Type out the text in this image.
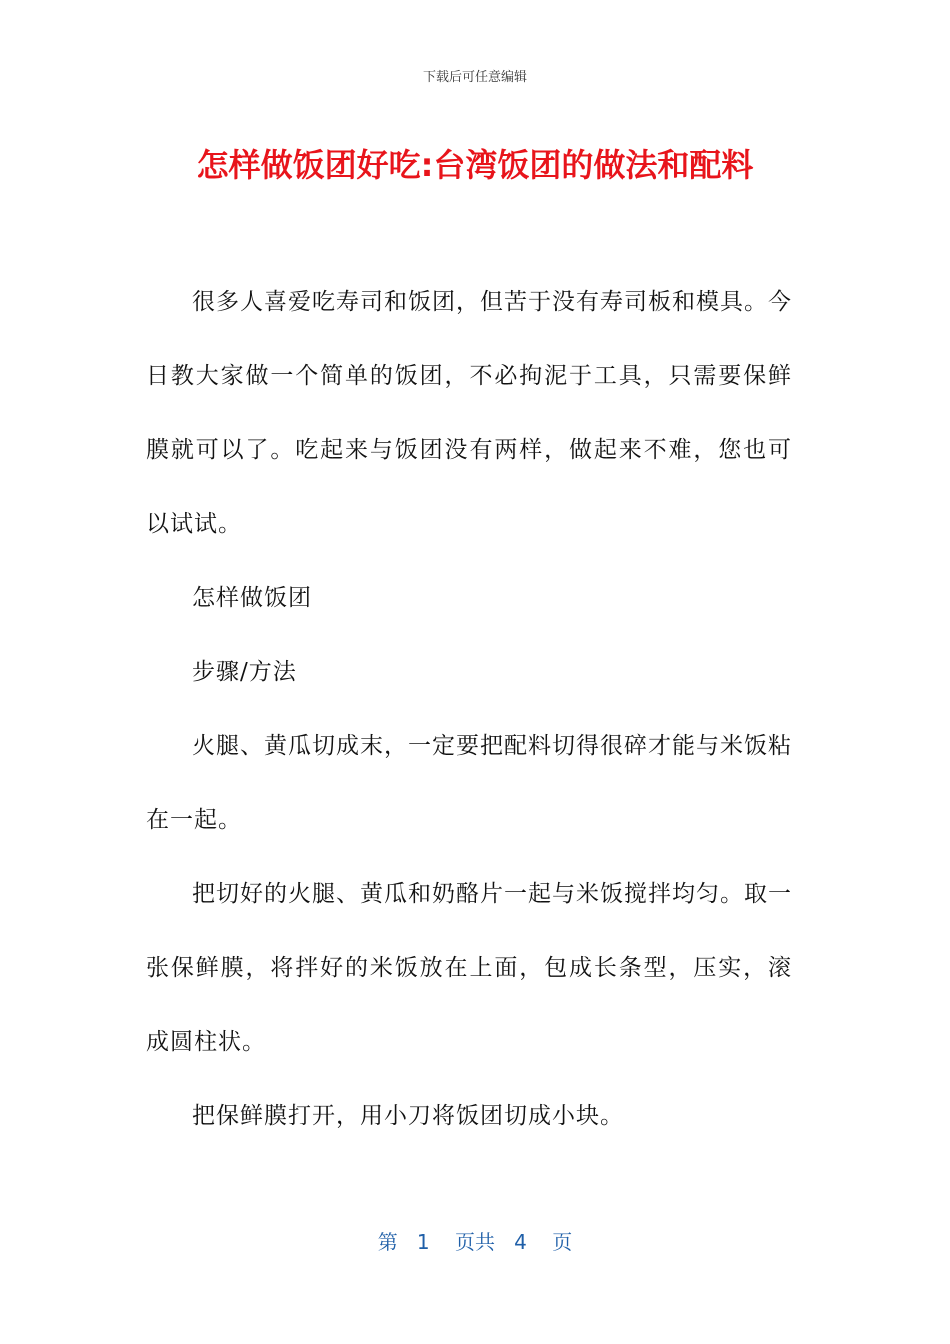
下载后可任意编辑
怎样做饭团好吃:台湾饭团的做法和配料

很多人喜爱吃寿司和饭团，但苦于没有寿司板和模具。今日教大家做一个简单的饭团，不必拘泥于工具，只需要保鲜膜就可以了。吃起来与饭团没有两样，做起来不难，您也可以试试。

怎样做饭团

步骤/方法

火腿、黄瓜切成末，一定要把配料切得很碎才能与米饭粘在一起。

把切好的火腿、黄瓜和奶酪片一起与米饭搅拌均匀。取一张保鲜膜，将拌好的米饭放在上面，包成长条型，压实，滚成圆柱状。

把保鲜膜打开，用小刀将饭团切成小块。

第 1 页共 4 页
